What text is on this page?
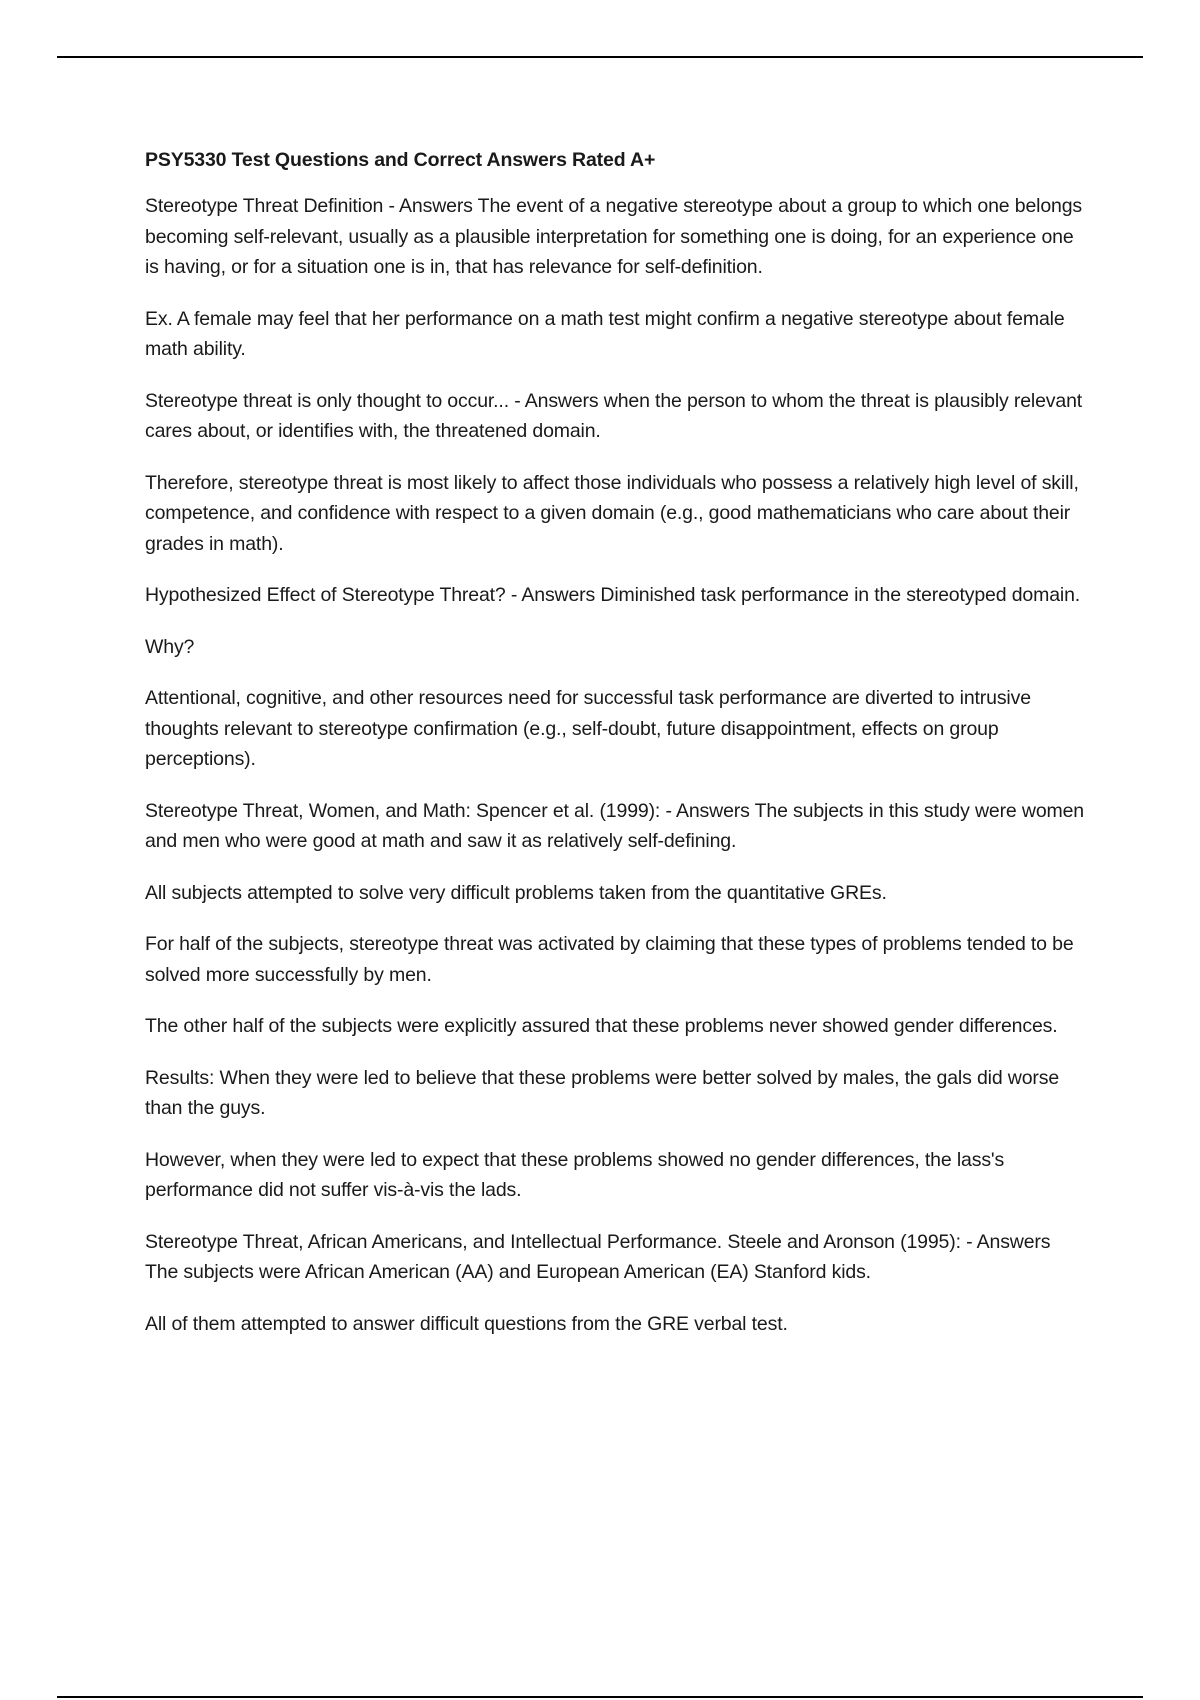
PSY5330 Test Questions and Correct Answers Rated A+

Stereotype Threat Definition - Answers The event of a negative stereotype about a group to which one belongs becoming self-relevant, usually as a plausible interpretation for something one is doing, for an experience one is having, or for a situation one is in, that has relevance for self-definition.

Ex. A female may feel that her performance on a math test might confirm a negative stereotype about female math ability.

Stereotype threat is only thought to occur... - Answers when the person to whom the threat is plausibly relevant cares about, or identifies with, the threatened domain.

Therefore, stereotype threat is most likely to affect those individuals who possess a relatively high level of skill, competence, and confidence with respect to a given domain (e.g., good mathematicians who care about their grades in math).

Hypothesized Effect of Stereotype Threat? - Answers Diminished task performance in the stereotyped domain.

Why?

Attentional, cognitive, and other resources need for successful task performance are diverted to intrusive thoughts relevant to stereotype confirmation (e.g., self-doubt, future disappointment, effects on group perceptions).

Stereotype Threat, Women, and Math: Spencer et al. (1999): - Answers The subjects in this study were women and men who were good at math and saw it as relatively self-defining.

All subjects attempted to solve very difficult problems taken from the quantitative GREs.

For half of the subjects, stereotype threat was activated by claiming that these types of problems tended to be solved more successfully by men.

The other half of the subjects were explicitly assured that these problems never showed gender differences.

Results: When they were led to believe that these problems were better solved by males, the gals did worse than the guys.

However, when they were led to expect that these problems showed no gender differences, the lass's performance did not suffer vis-à-vis the lads.

Stereotype Threat, African Americans, and Intellectual Performance. Steele and Aronson (1995): - Answers The subjects were African American (AA) and European American (EA) Stanford kids.

All of them attempted to answer difficult questions from the GRE verbal test.
